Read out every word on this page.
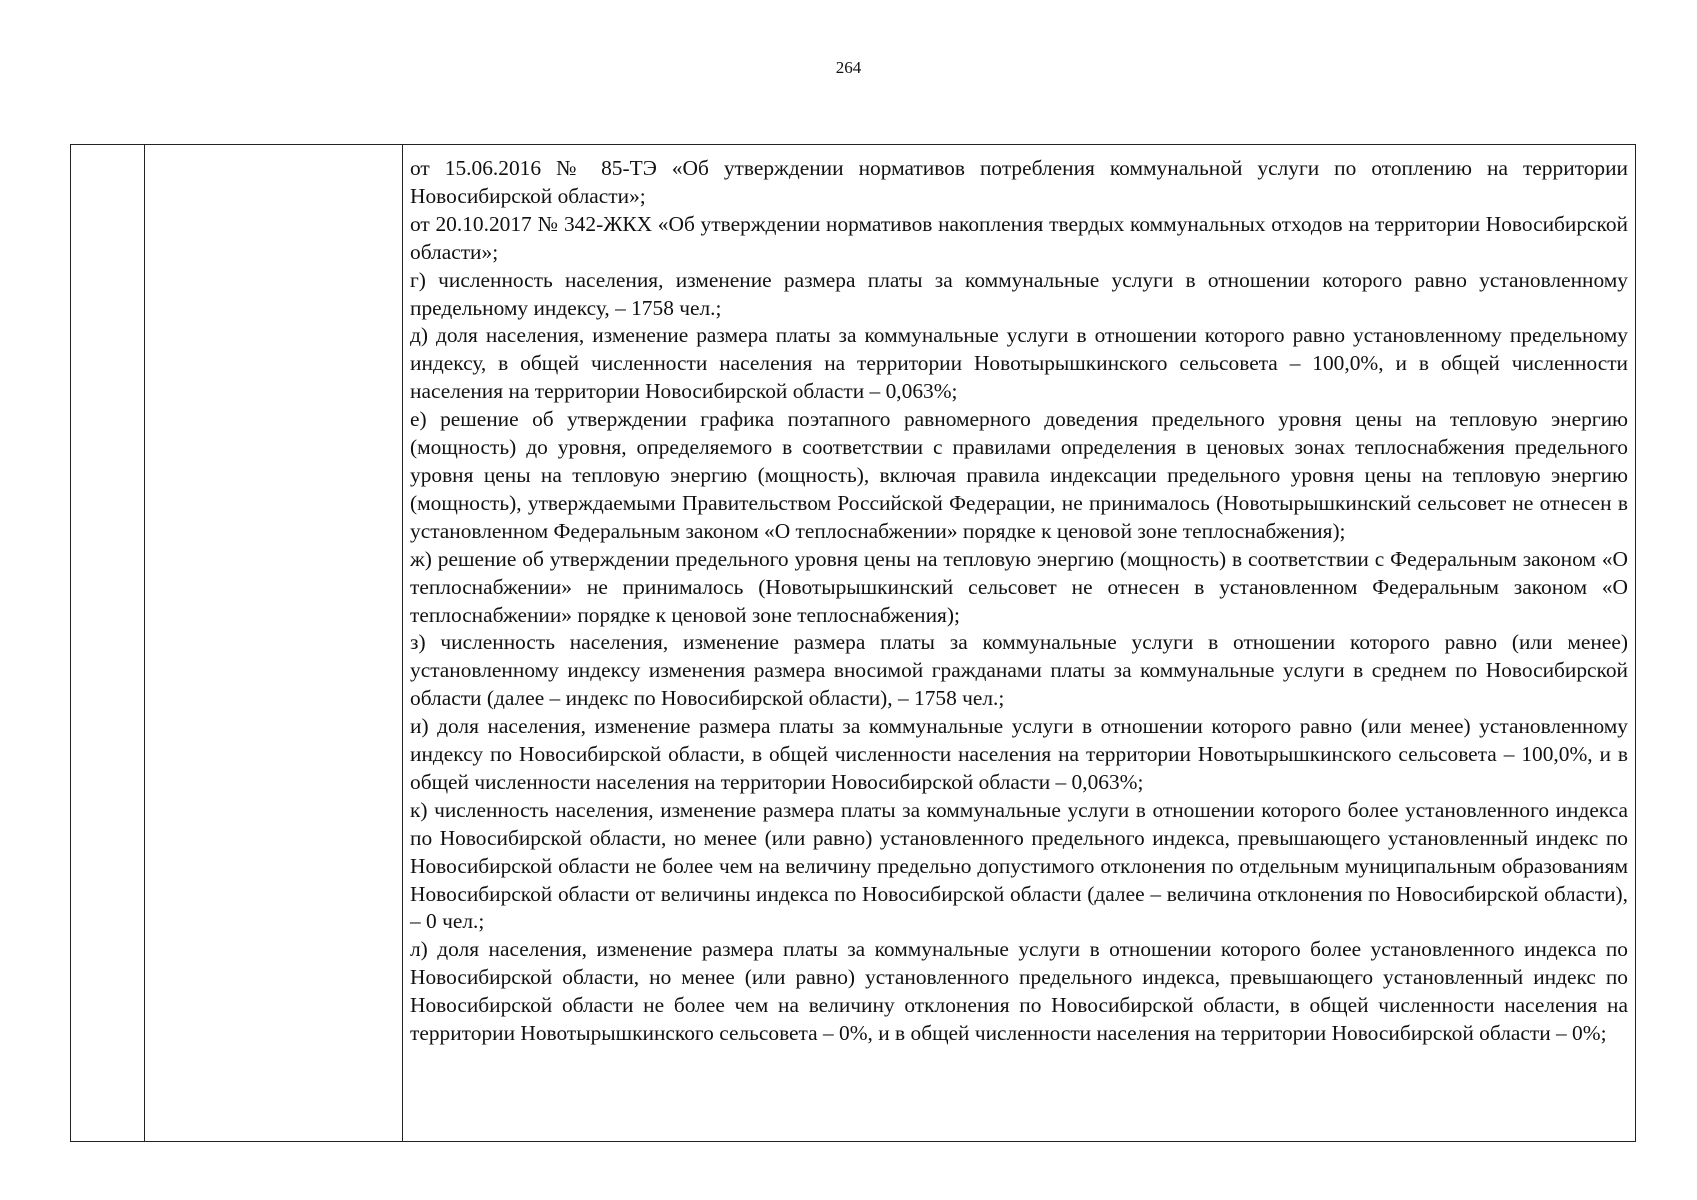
264

от 15.06.2016 № 85-ТЭ «Об утверждении нормативов потребления коммунальной услуги по отоплению на территории Новосибирской области»;

от 20.10.2017 № 342-ЖКХ «Об утверждении нормативов накопления твердых коммунальных отходов на территории Новосибирской области»;

г) численность населения, изменение размера платы за коммунальные услуги в отношении которого равно установленному предельному индексу, – 1758 чел.;

д) доля населения, изменение размера платы за коммунальные услуги в отношении которого равно установленному предельному индексу, в общей численности населения на территории Новотырышкинского сельсовета – 100,0%, и в общей численности населения на территории Новосибирской области – 0,063%;

е) решение об утверждении графика поэтапного равномерного доведения предельного уровня цены на тепловую энергию (мощность) до уровня, определяемого в соответствии с правилами определения в ценовых зонах теплоснабжения предельного уровня цены на тепловую энергию (мощность), включая правила индексации предельного уровня цены на тепловую энергию (мощность), утверждаемыми Правительством Российской Федерации, не принималось (Новотырышкинский сельсовет не отнесен в установленном Федеральным законом «О теплоснабжении» порядке к ценовой зоне теплоснабжения);

ж) решение об утверждении предельного уровня цены на тепловую энергию (мощность) в соответствии с Федеральным законом «О теплоснабжении» не принималось (Новотырышкинский сельсовет не отнесен в установленном Федеральным законом «О теплоснабжении» порядке к ценовой зоне теплоснабжения);

з) численность населения, изменение размера платы за коммунальные услуги в отношении которого равно (или менее) установленному индексу изменения размера вносимой гражданами платы за коммунальные услуги в среднем по Новосибирской области (далее – индекс по Новосибирской области), – 1758 чел.;

и) доля населения, изменение размера платы за коммунальные услуги в отношении которого равно (или менее) установленному индексу по Новосибирской области, в общей численности населения на территории Новотырышкинского сельсовета – 100,0%, и в общей численности населения на территории Новосибирской области – 0,063%;

к) численность населения, изменение размера платы за коммунальные услуги в отношении которого более установленного индекса по Новосибирской области, но менее (или равно) установленного предельного индекса, превышающего установленный индекс по Новосибирской области не более чем на величину предельно допустимого отклонения по отдельным муниципальным образованиям Новосибирской области от величины индекса по Новосибирской области (далее – величина отклонения по Новосибирской области), – 0 чел.;

л) доля населения, изменение размера платы за коммунальные услуги в отношении которого более установленного индекса по Новосибирской области, но менее (или равно) установленного предельного индекса, превышающего установленный индекс по Новосибирской области не более чем на величину отклонения по Новосибирской области, в общей численности населения на территории Новотырышкинского сельсовета – 0%, и в общей численности населения на территории Новосибирской области – 0%;
